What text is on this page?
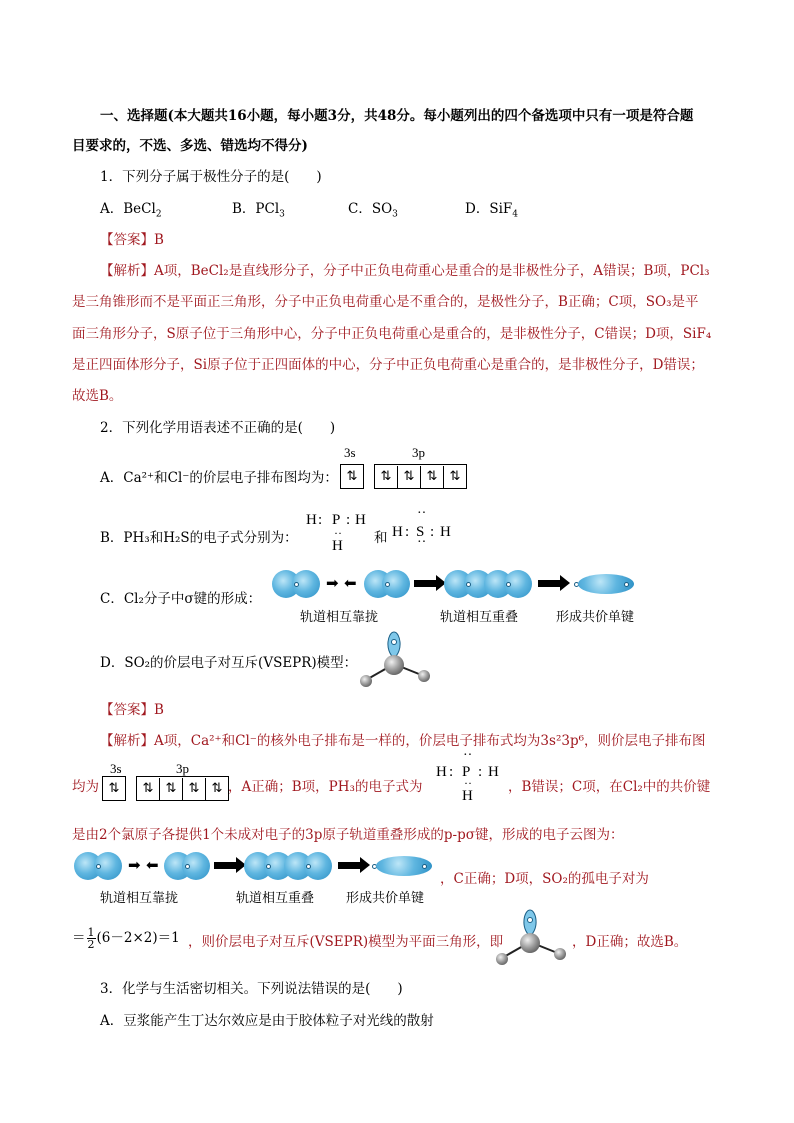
一、选择题(本大题共16小题，每小题3分，共48分。每小题列出的四个备选项中只有一项是符合题
目要求的，不选、多选、错选均不得分)
1．下列分子属于极性分子的是(　　)
A．BeCl$_2$	B．PCl$_3$	C．$SO_3$	D．SiF$_4$
【答案】B
【解析】A项，BeCl₂是直线形分子，分子中正负电荷重心是重合的是非极性分子，A错误；B项，PCl₃
是三角锥形而不是平面正三角形，分子中正负电荷重心是不重合的，是极性分子，B正确；C项，SO₃是平
面三角形分子，S原子位于三角形中心，分子中正负电荷重心是重合的，是非极性分子，C错误；D项，SiF₄
是正四面体形分子，Si原子位于正四面体的中心，分子中正负电荷重心是重合的，是非极性分子，D错误；
故选B。
2．下列化学用语表述不正确的是(　　)
A．Ca²⁺和Cl⁻的价层电子排布图均为：
3s	3p
⇅	⇅ ⇅ ⇅ ⇅
B．PH₃和H₂S的电子式分别为：
H : P : H
··
H 和 H : S
··
··
: H
C．Cl₂分子中σ键的形成：
➡ ⬅
轨道相互靠拢	轨道相互重叠	形成共价单键
D．SO₂的价层电子对互斥(VSEPR)模型：
【答案】B
【解析】A项，Ca²⁺和Cl⁻的核外电子排布是一样的，价层电子排布式均为3s²3p⁶，则价层电子排布图
均为
3s	3p
⇅	⇅ ⇅ ⇅ ⇅ ，A正确；B项，PH₃的电子式为
H : P
··
: H
··
H
，B错误；C项，在Cl₂中的共价键
是由2个氯原子各提供1个未成对电子的3p原子轨道重叠形成的p-pσ键，形成的电子云图为：
➡ ⬅
轨道相互靠拢	轨道相互重叠 形成共价单键
，C正确；D项，SO₂的孤电子对为
＝ $\frac{1}{2} (6-2\times 2)=1$ ，则价层电子对互斥(VSEPR)模型为平面三角形，即	，D正确；故选B。
3．化学与生活密切相关。下列说法错误的是(　　)
A．豆浆能产生丁达尔效应是由于胶体粒子对光线的散射
